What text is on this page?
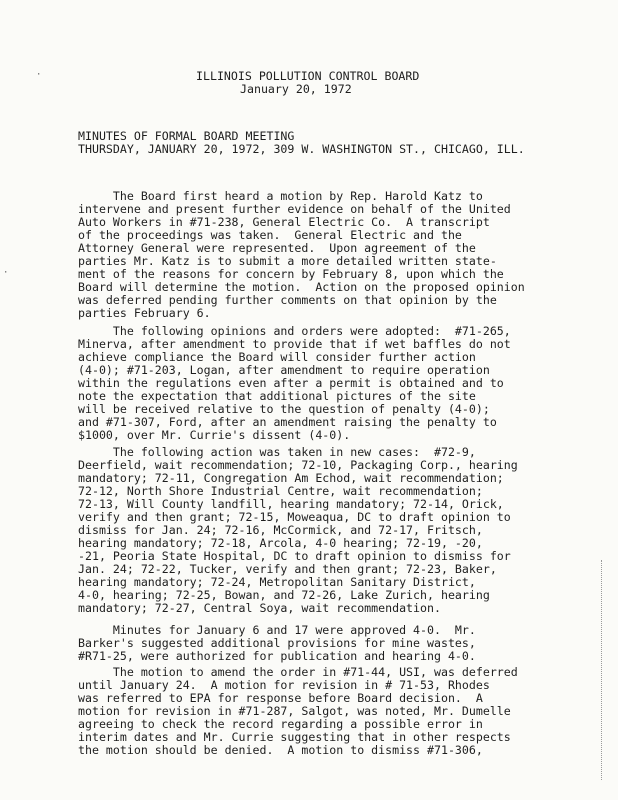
·
·
ILLINOIS POLLUTION CONTROL BOARD
January 20, 1972
MINUTES OF FORMAL BOARD MEETING
THURSDAY, JANUARY 20, 1972, 309 W. WASHINGTON ST., CHICAGO, ILL.
The Board first heard a motion by Rep. Harold Katz to
intervene and present further evidence on behalf of the United
Auto Workers in #71-238, General Electric Co.  A transcript
of the proceedings was taken.  General Electric and the
Attorney General were represented.  Upon agreement of the
parties Mr. Katz is to submit a more detailed written state-
ment of the reasons for concern by February 8, upon which the
Board will determine the motion.  Action on the proposed opinion
was deferred pending further comments on that opinion by the
parties February 6.
The following opinions and orders were adopted:  #71-265,
Minerva, after amendment to provide that if wet baffles do not
achieve compliance the Board will consider further action
(4-0); #71-203, Logan, after amendment to require operation
within the regulations even after a permit is obtained and to
note the expectation that additional pictures of the site
will be received relative to the question of penalty (4-0);
and #71-307, Ford, after an amendment raising the penalty to
$1000, over Mr. Currie's dissent (4-0).
The following action was taken in new cases:  #72-9,
Deerfield, wait recommendation; 72-10, Packaging Corp., hearing
mandatory; 72-11, Congregation Am Echod, wait recommendation;
72-12, North Shore Industrial Centre, wait recommendation;
72-13, Will County landfill, hearing mandatory; 72-14, Orick,
verify and then grant; 72-15, Moweaqua, DC to draft opinion to
dismiss for Jan. 24; 72-16, McCormick, and 72-17, Fritsch,
hearing mandatory; 72-18, Arcola, 4-0 hearing; 72-19, -20,
-21, Peoria State Hospital, DC to draft opinion to dismiss for
Jan. 24; 72-22, Tucker, verify and then grant; 72-23, Baker,
hearing mandatory; 72-24, Metropolitan Sanitary District,
4-0, hearing; 72-25, Bowan, and 72-26, Lake Zurich, hearing
mandatory; 72-27, Central Soya, wait recommendation.
Minutes for January 6 and 17 were approved 4-0.  Mr.
Barker's suggested additional provisions for mine wastes,
#R71-25, were authorized for publication and hearing 4-0.
The motion to amend the order in #71-44, USI, was deferred
until January 24.  A motion for revision in # 71-53, Rhodes
was referred to EPA for response before Board decision.  A
motion for revision in #71-287, Salgot, was noted, Mr. Dumelle
agreeing to check the record regarding a possible error in
interim dates and Mr. Currie suggesting that in other respects
the motion should be denied.  A motion to dismiss #71-306,
